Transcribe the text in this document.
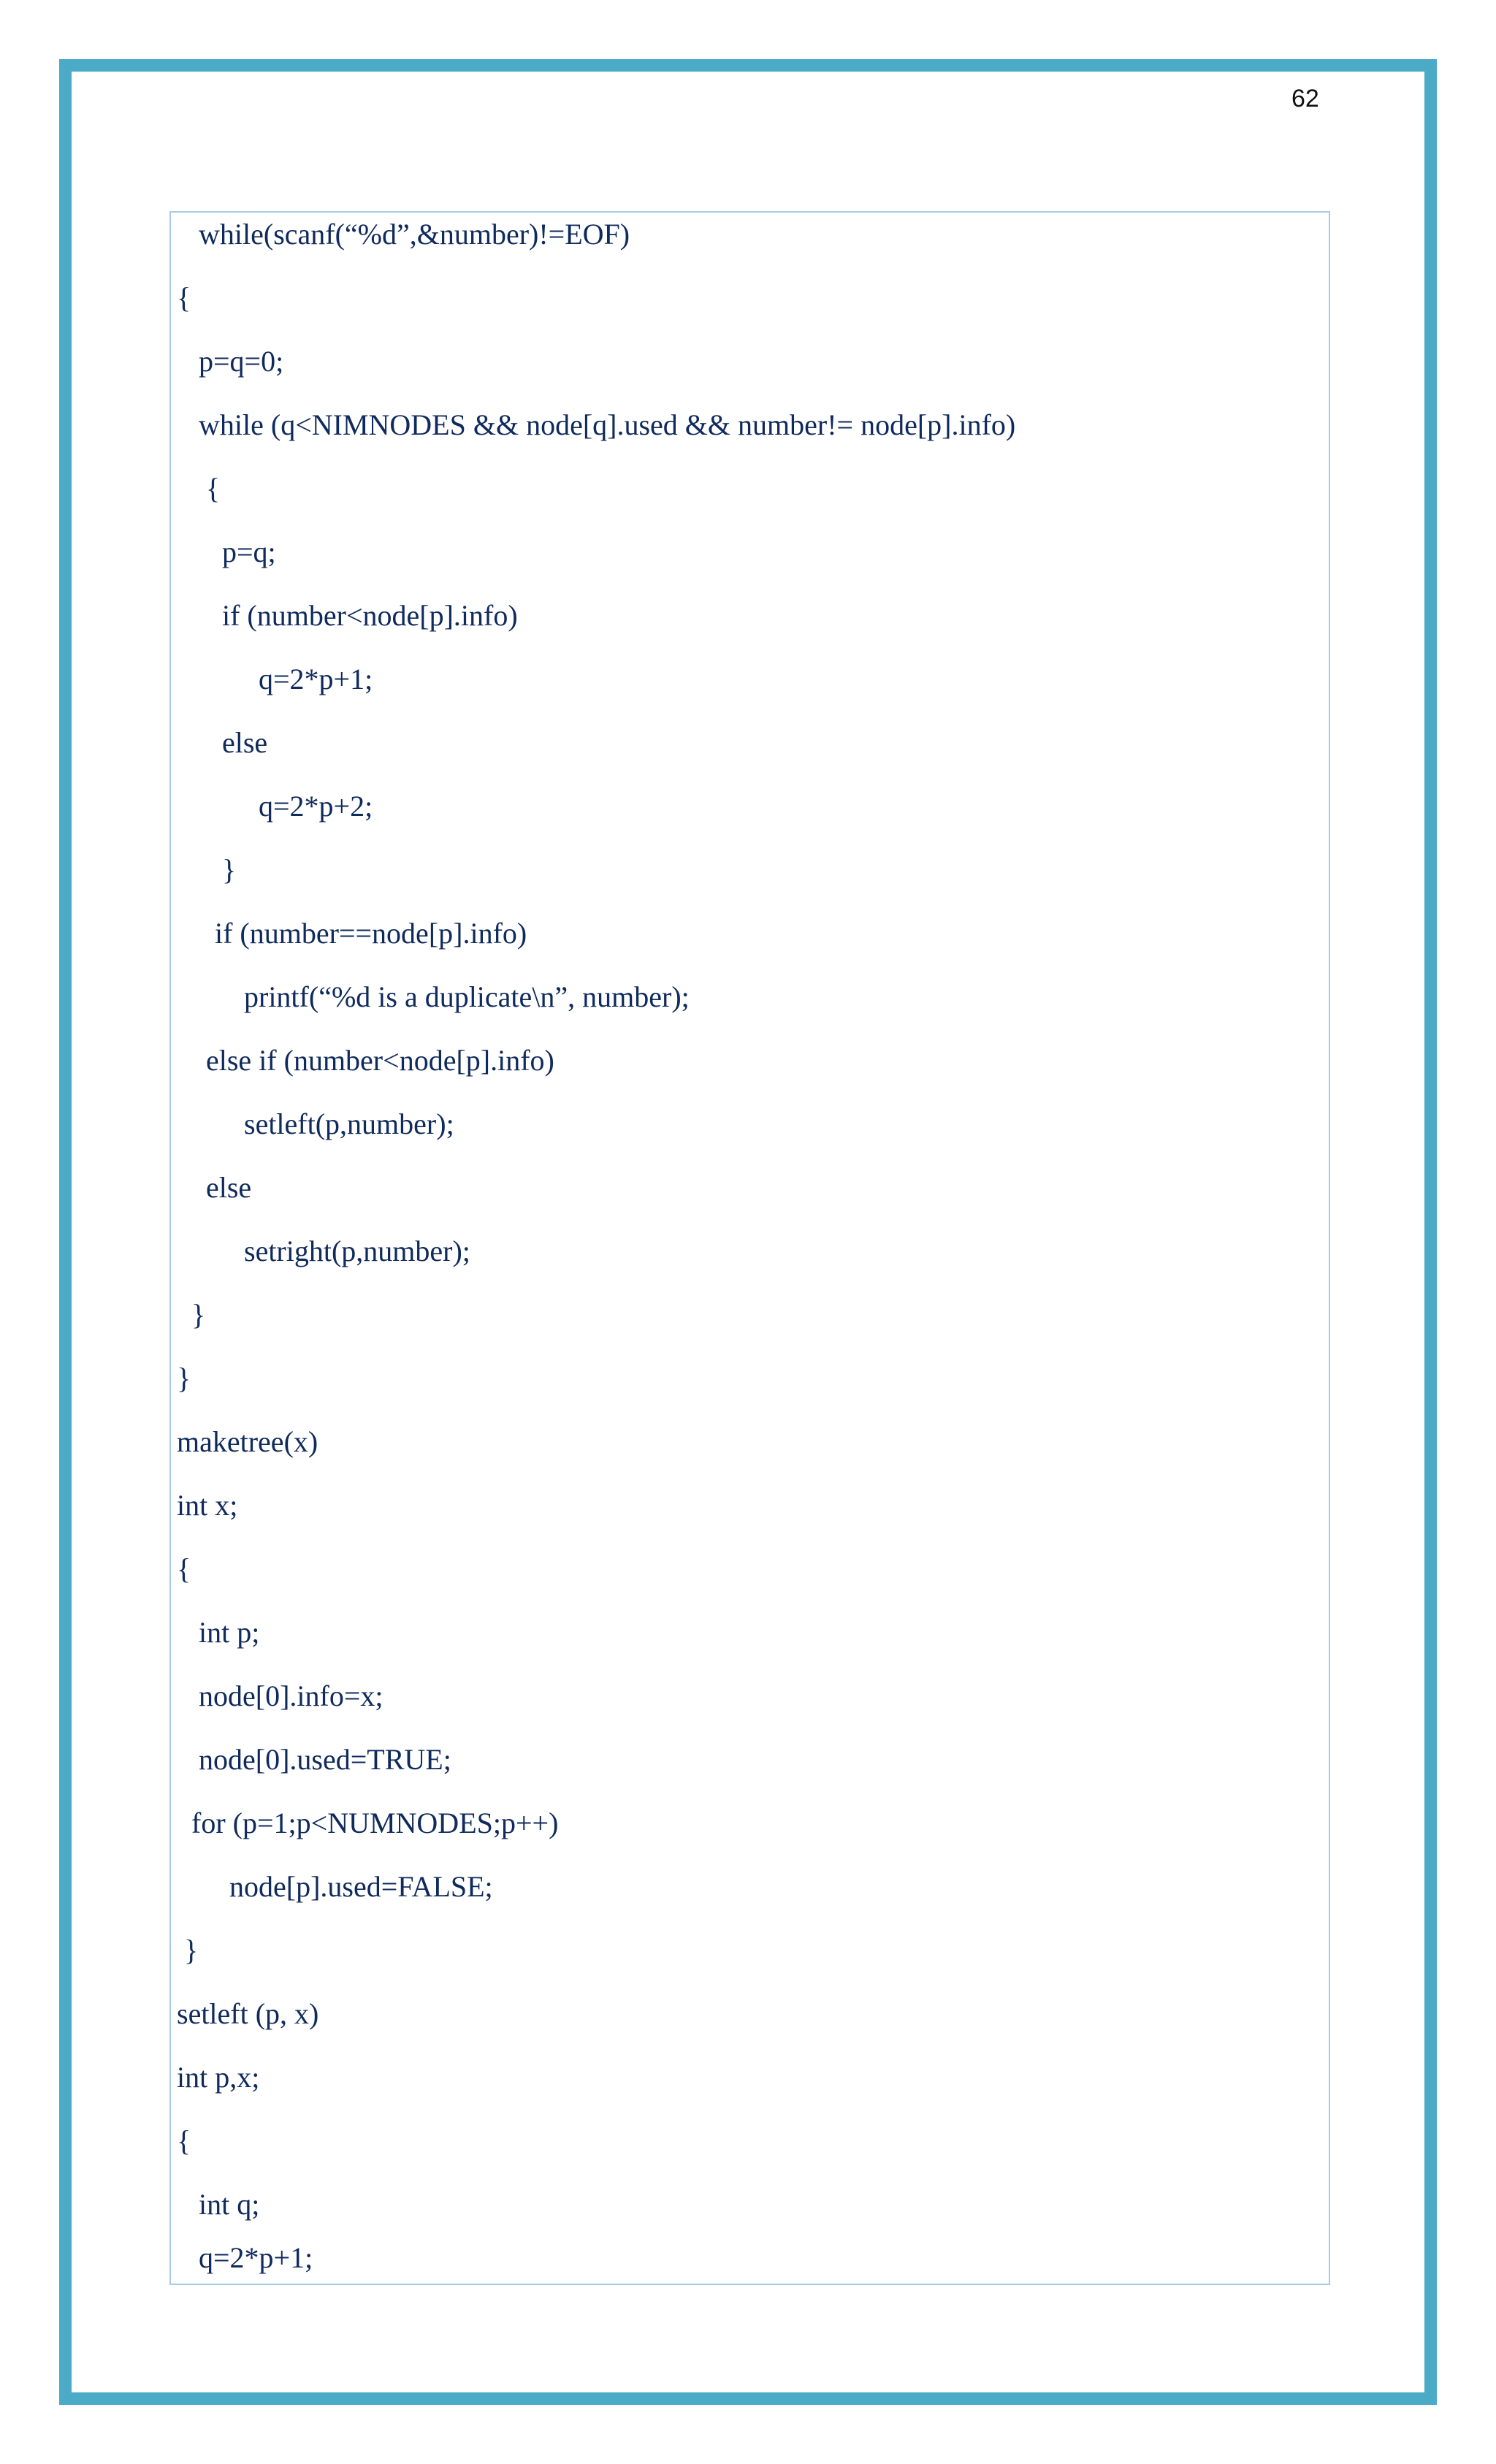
62
while(scanf(“%d”,&number)!=EOF)
{
p=q=0;
while (q<NIMNODES && node[q].used && number!= node[p].info)
{
p=q;
if (number<node[p].info)
q=2*p+1;
else
q=2*p+2;
}
if (number==node[p].info)
printf(“%d is a duplicate\n”, number);
else if (number<node[p].info)
setleft(p,number);
else
setright(p,number);
}
}
maketree(x)
int x;
{
int p;
node[0].info=x;
node[0].used=TRUE;
for (p=1;p<NUMNODES;p++)
node[p].used=FALSE;
}
setleft (p, x)
int p,x;
{
int q;
q=2*p+1;
